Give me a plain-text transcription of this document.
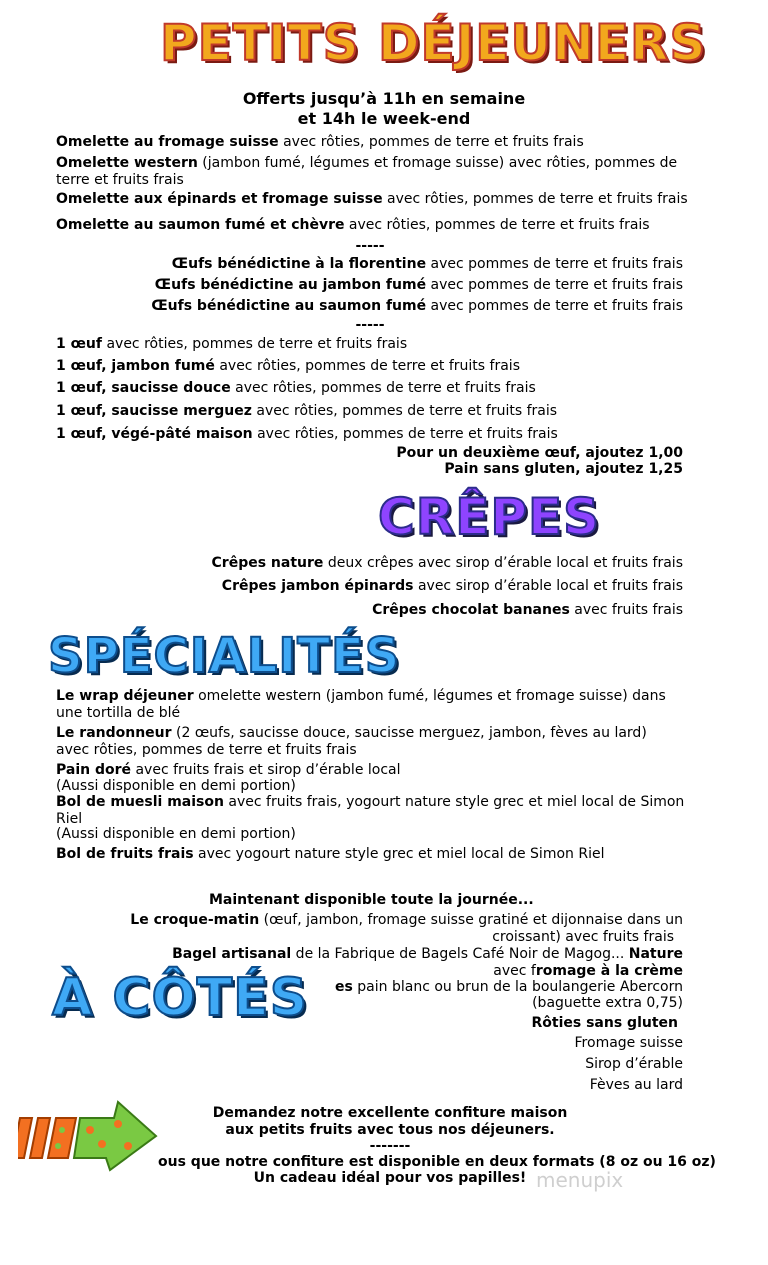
PETITS DÉJEUNERS
Offerts jusqu’à 11h en semaine
et 14h le week-end
Omelette au fromage suisse avec rôties, pommes de terre et fruits frais
Omelette western (jambon fumé, légumes et fromage suisse) avec rôties, pommes de terre et fruits frais
Omelette aux épinards et fromage suisse avec rôties, pommes de terre et fruits frais
Omelette au saumon fumé et chèvre avec rôties, pommes de terre et fruits frais
-----
Œufs bénédictine à la florentine avec pommes de terre et fruits frais
Œufs bénédictine au jambon fumé avec pommes de terre et fruits frais
Œufs bénédictine au saumon fumé avec pommes de terre et fruits frais
-----
1 œuf avec rôties, pommes de terre et fruits frais
1 œuf, jambon fumé avec rôties, pommes de terre et fruits frais
1 œuf, saucisse douce avec rôties, pommes de terre et fruits frais
1 œuf, saucisse merguez avec rôties, pommes de terre et fruits frais
1 œuf, végé-pâté maison avec rôties, pommes de terre et fruits frais
Pour un deuxième œuf, ajoutez 1,00
Pain sans gluten, ajoutez 1,25
CRÊPES
Crêpes nature deux crêpes avec sirop d’érable local et fruits frais
Crêpes jambon épinards avec sirop d’érable local et fruits frais
Crêpes chocolat bananes avec fruits frais
SPÉCIALITÉS
Le wrap déjeuner omelette western (jambon fumé, légumes et fromage suisse) dans une tortilla de blé
Le randonneur (2 œufs, saucisse douce, saucisse merguez, jambon, fèves au lard) avec rôties, pommes de terre et fruits frais
Pain doré avec fruits frais et sirop d’érable local
(Aussi disponible en demi portion)
Bol de muesli maison avec fruits frais, yogourt nature style grec et miel local de Simon Riel
(Aussi disponible en demi portion)
Bol de fruits frais avec yogourt nature style grec et miel local de Simon Riel
Maintenant disponible toute la journée...
Le croque-matin (œuf, jambon, fromage suisse gratiné et dijonnaise dans un
croissant) avec fruits frais
Bagel artisanal de la Fabrique de Bagels Café Noir de Magog... Nature
avec fromage à la crème
es pain blanc ou brun de la boulangerie Abercorn
À CÔTÉS	(baguette extra 0,75)
Rôties sans gluten
Fromage suisse
Sirop d’érable
Fèves au lard
Demandez notre excellente confiture maison
aux petits fruits avec tous nos déjeuners.
-------
ous que notre confiture est disponible en deux formats (8 oz ou 16 oz)
Un cadeau idéal pour vos papilles! menupix
